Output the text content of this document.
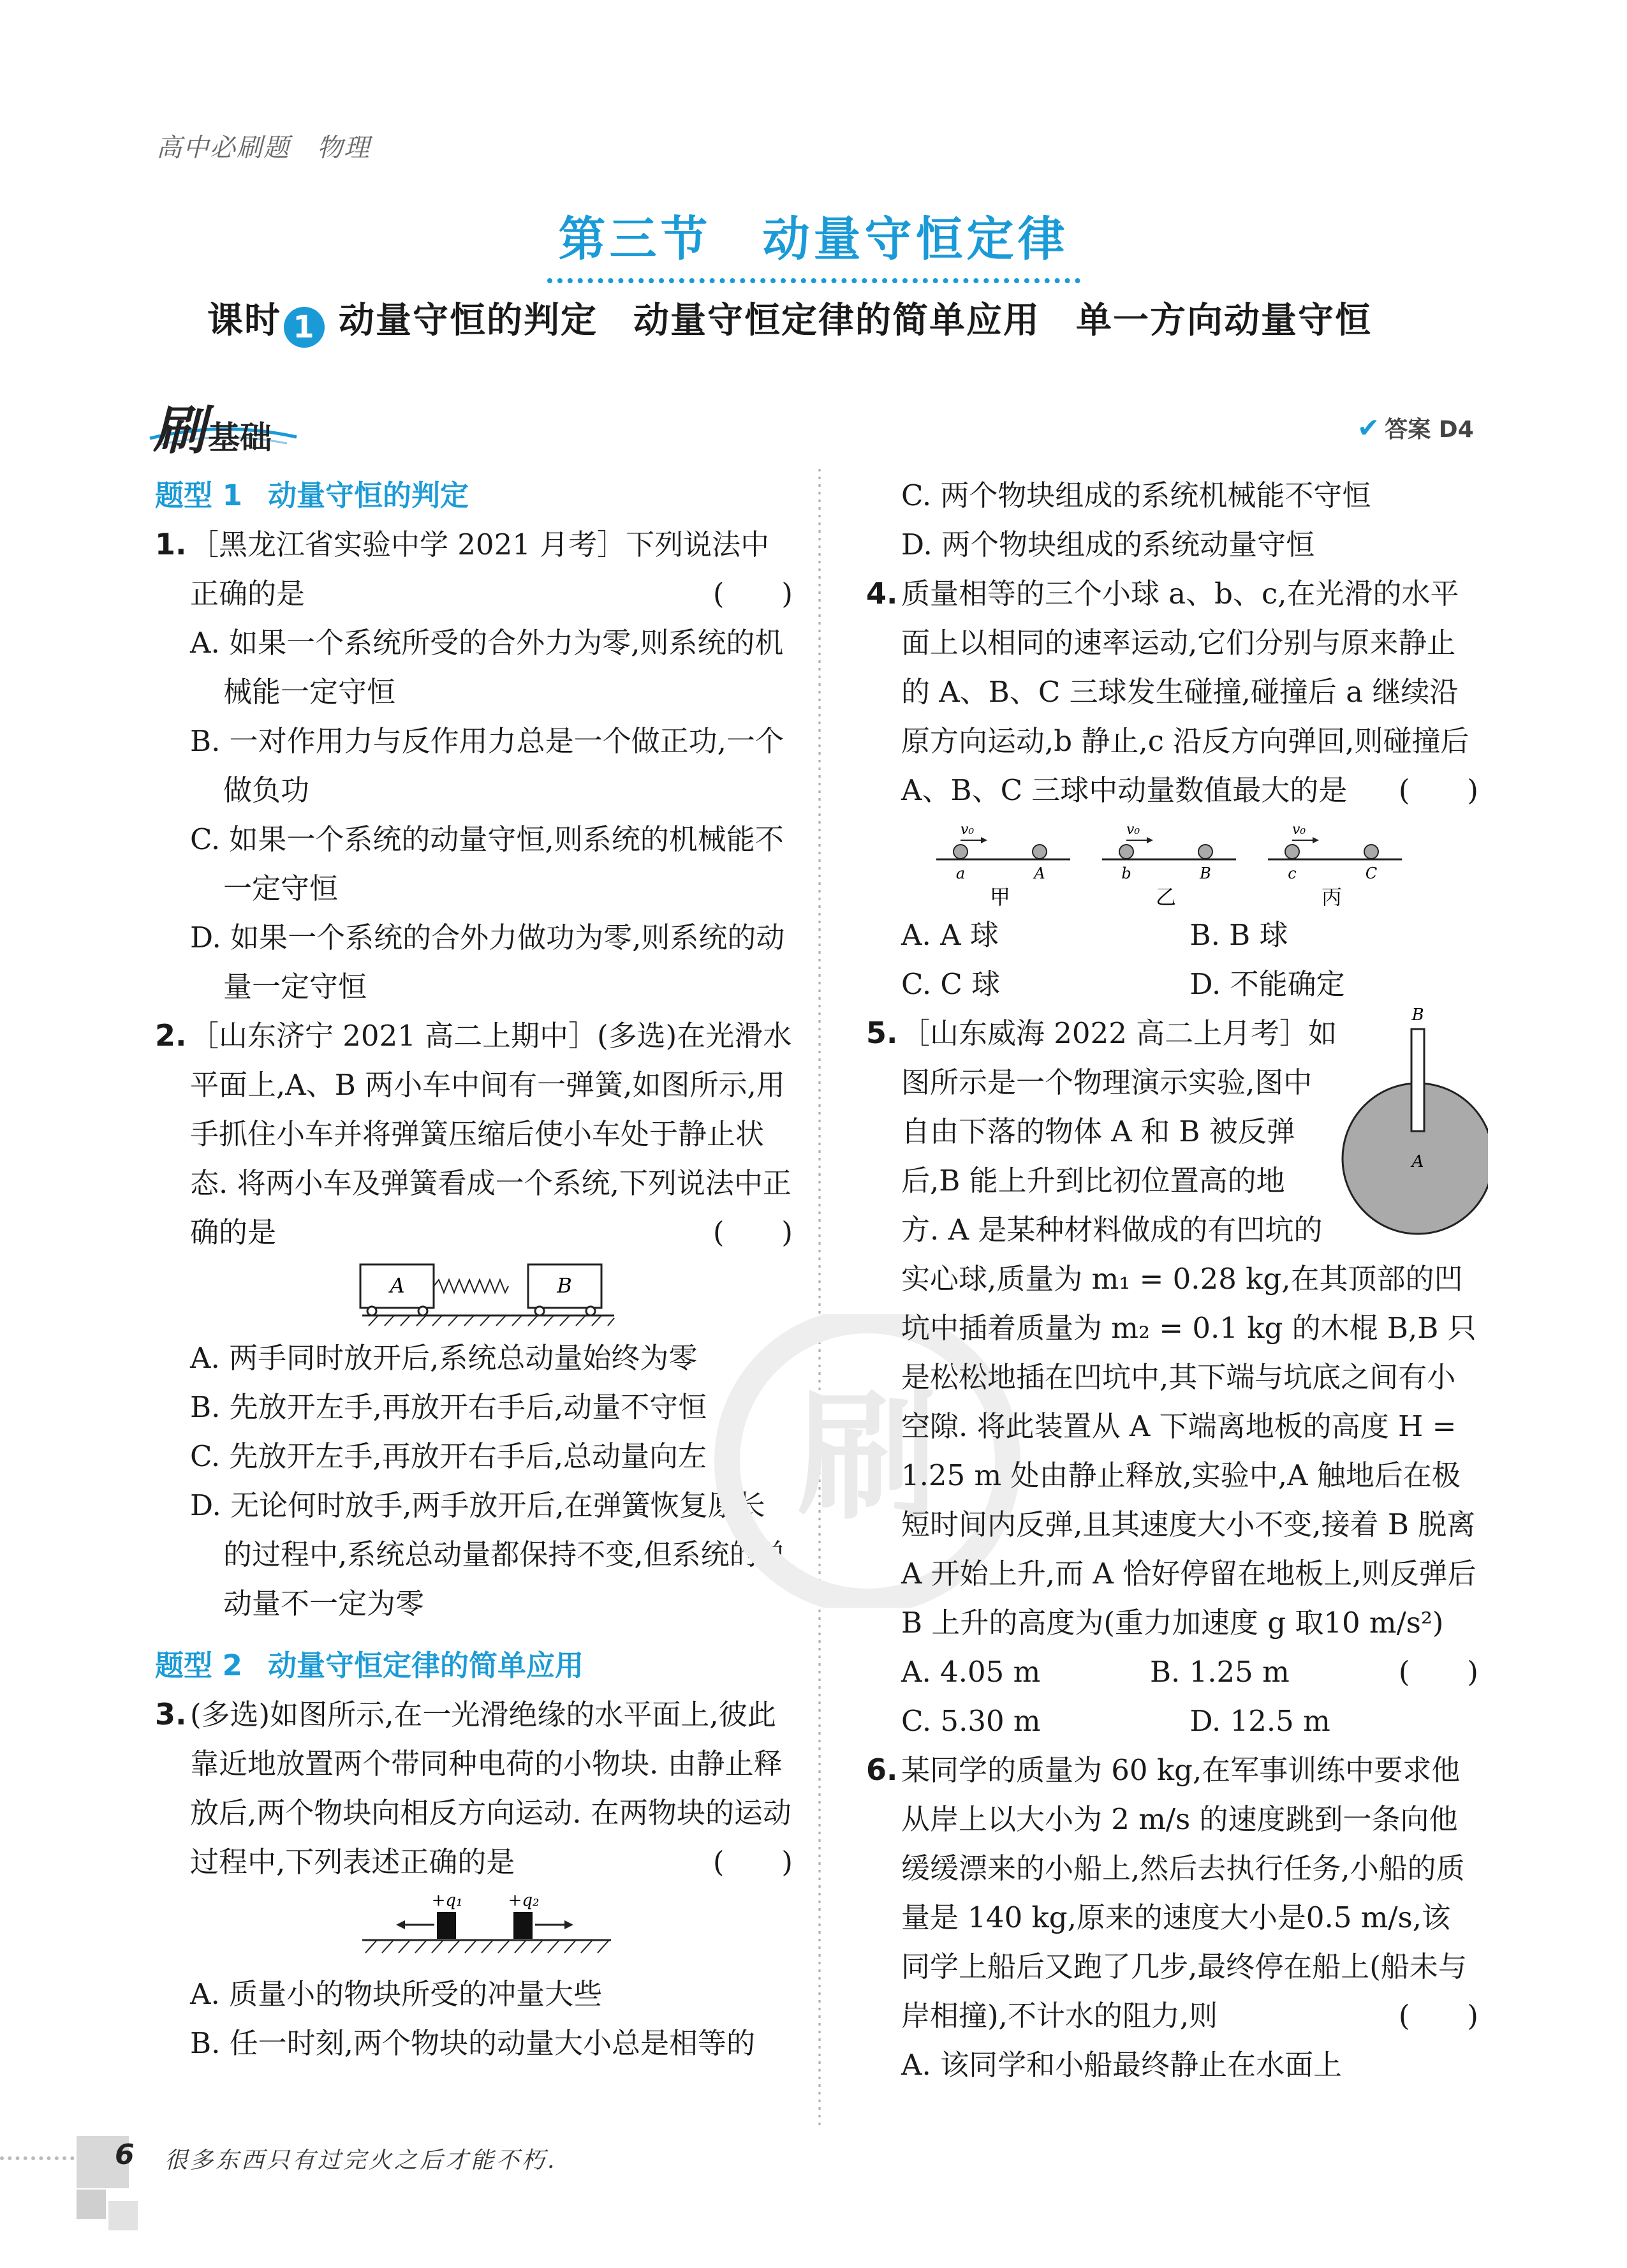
高中必刷题　物理
第三节　动量守恒定律
课时 1 动量守恒的判定 动量守恒定律的简单应用 单一方向动量守恒
刷基础	✔ 答案 D4
题型 1 动量守恒的判定
1. ［黑龙江省实验中学 2021 月考］下列说法中正确的是	(　　)
A. 如果一个系统所受的合外力为零,则系统的机械能一定守恒
B. 一对作用力与反作用力总是一个做正功,一个做负功
C. 如果一个系统的动量守恒,则系统的机械能不一定守恒
D. 如果一个系统的合外力做功为零,则系统的动量一定守恒
2. ［山东济宁 2021 高二上期中］(多选)在光滑水平面上,A、B 两小车中间有一弹簧,如图所示,用手抓住小车并将弹簧压缩后使小车处于静止状态. 将两小车及弹簧看成一个系统,下列说法中正确的是	(　　)
A	B
A. 两手同时放开后,系统总动量始终为零
B. 先放开左手,再放开右手后,动量不守恒
C. 先放开左手,再放开右手后,总动量向左
D. 无论何时放手,两手放开后,在弹簧恢复原长的过程中,系统总动量都保持不变,但系统的总动量不一定为零
题型 2 动量守恒定律的简单应用
3. (多选)如图所示,在一光滑绝缘的水平面上,彼此靠近地放置两个带同种电荷的小物块. 由静止释放后,两个物块向相反方向运动. 在两物块的运动过程中,下列表述正确的是	(　　)
+q₁	+q₂
A. 质量小的物块所受的冲量大些
B. 任一时刻,两个物块的动量大小总是相等的
刷
C. 两个物块组成的系统机械能不守恒
D. 两个物块组成的系统动量守恒
4. 质量相等的三个小球 a、b、c,在光滑的水平面上以相同的速率运动,它们分别与原来静止的 A、B、C 三球发生碰撞,碰撞后 a 继续沿原方向运动,b 静止,c 沿反方向弹回,则碰撞后 A、B、C 三球中动量数值最大的是 (　　)
v₀
a	A
甲
v₀
b	B
乙
v₀
c	C
丙
A. A 球	B. B 球
C. C 球	D. 不能确定
5. ［山东威海 2022 高二上月考］如
图所示是一个物理演示实验,图中
自由下落的物体 A 和 B 被反弹
后,B 能上升到比初位置高的地
方. A 是某种材料做成的有凹坑的
B
A
实心球,质量为 m₁ = 0.28 kg,在其顶部的凹坑中插着质量为 m₂ = 0.1 kg 的木棍 B,B 只是松松地插在凹坑中,其下端与坑底之间有小空隙. 将此装置从 A 下端离地板的高度 H = 1.25 m 处由静止释放,实验中,A 触地后在极短时间内反弹,且其速度大小不变,接着 B 脱离 A 开始上升,而 A 恰好停留在地板上,则反弹后 B 上升的高度为(重力加速度 g 取10 m/s²)
(　　)
A. 4.05 m	B. 1.25 m
C. 5.30 m	D. 12.5 m
6. 某同学的质量为 60 kg,在军事训练中要求他从岸上以大小为 2 m/s 的速度跳到一条向他缓缓漂来的小船上,然后去执行任务,小船的质量是 140 kg,原来的速度大小是0.5 m/s,该同学上船后又跑了几步,最终停在船上(船未与岸相撞),不计水的阻力,则	(　　)
A. 该同学和小船最终静止在水面上
6 很多东西只有过完火之后才能不朽.
